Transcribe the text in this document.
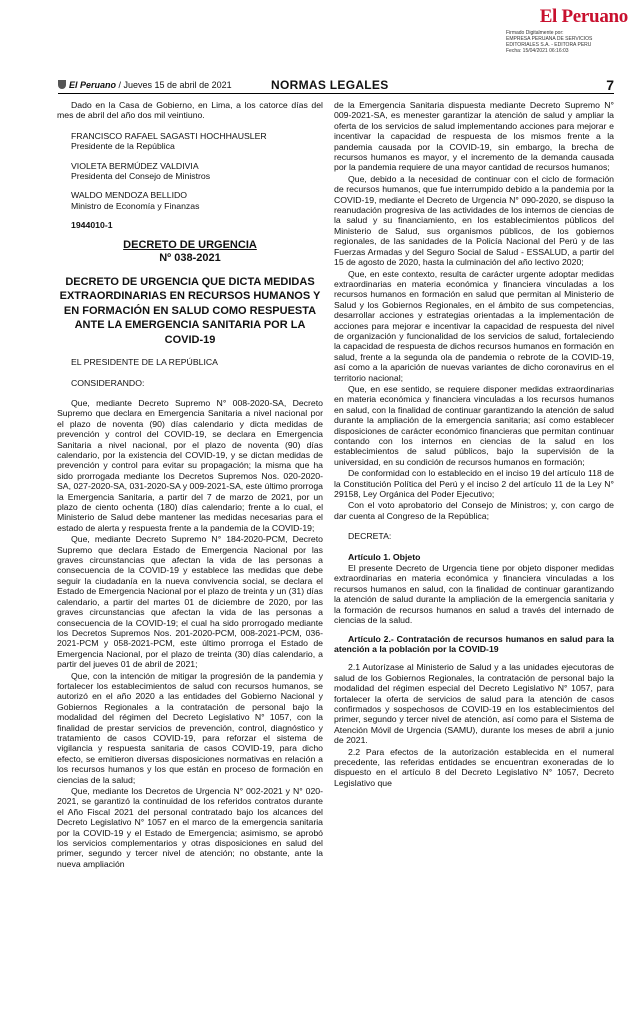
El Peruano
Firmado Digitalmente por:
EMPRESA PERUANA DE SERVICIOS
EDITORIALES S.A. - EDITORA PERU
Fecha: 15/04/2021 06:16:03
El Peruano / Jueves 15 de abril de 2021	NORMAS LEGALES	7

Dado en la Casa de Gobierno, en Lima, a los catorce días del mes de abril del año dos mil veintiuno.

FRANCISCO RAFAEL SAGASTI HOCHHAUSLER

Presidente de la República

VIOLETA BERMÚDEZ VALDIVIA

Presidenta del Consejo de Ministros

WALDO MENDOZA BELLIDO

Ministro de Economía y Finanzas

1944010-1

DECRETO DE URGENCIA

Nº 038-2021

DECRETO DE URGENCIA QUE DICTA MEDIDAS EXTRAORDINARIAS EN RECURSOS HUMANOS Y EN FORMACIÓN EN SALUD COMO RESPUESTA ANTE LA EMERGENCIA SANITARIA POR LA COVID-19

EL PRESIDENTE DE LA REPÚBLICA

CONSIDERANDO:

Que, mediante Decreto Supremo N° 008-2020-SA, Decreto Supremo que declara en Emergencia Sanitaria a nivel nacional por el plazo de noventa (90) días calendario y dicta medidas de prevención y control del COVID-19, se declara en Emergencia Sanitaria a nivel nacional, por el plazo de noventa (90) días calendario, por la existencia del COVID-19, y se dictan medidas de prevención y control para evitar su propagación; la misma que ha sido prorrogada mediante los Decretos Supremos Nos. 020-2020-SA, 027-2020-SA, 031-2020-SA y 009-2021-SA, este último prorroga la Emergencia Sanitaria, a partir del 7 de marzo de 2021, por un plazo de ciento ochenta (180) días calendario; frente a lo cual, el Ministerio de Salud debe mantener las medidas necesarias para el estado de alerta y respuesta frente a la pandemia de la COVID-19;

Que, mediante Decreto Supremo N° 184-2020-PCM, Decreto Supremo que declara Estado de Emergencia Nacional por las graves circunstancias que afectan la vida de las personas a consecuencia de la COVID-19 y establece las medidas que debe seguir la ciudadanía en la nueva convivencia social, se declara el Estado de Emergencia Nacional por el plazo de treinta y un (31) días calendario, a partir del martes 01 de diciembre de 2020, por las graves circunstancias que afectan la vida de las personas a consecuencia de la COVID-19; el cual ha sido prorrogado mediante los Decretos Supremos Nos. 201-2020-PCM, 008-2021-PCM, 036-2021-PCM y 058-2021-PCM, este último prorroga el Estado de Emergencia Nacional, por el plazo de treinta (30) días calendario, a partir del jueves 01 de abril de 2021;

Que, con la intención de mitigar la progresión de la pandemia y fortalecer los establecimientos de salud con recursos humanos, se autorizó en el año 2020 a las entidades del Gobierno Nacional y Gobiernos Regionales a la contratación de personal bajo la modalidad del régimen del Decreto Legislativo N° 1057, con la finalidad de prestar servicios de prevención, control, diagnóstico y tratamiento de casos COVID-19, para reforzar el sistema de vigilancia y respuesta sanitaria de casos COVID-19, para dicho efecto, se emitieron diversas disposiciones normativas en relación a los recursos humanos y los que están en proceso de formación en ciencias de la salud;

Que, mediante los Decretos de Urgencia N° 002-2021 y N° 020-2021, se garantizó la continuidad de los referidos contratos durante el Año Fiscal 2021 del personal contratado bajo los alcances del Decreto Legislativo N° 1057 en el marco de la emergencia sanitaria por la COVID-19 y el Estado de Emergencia; asimismo, se aprobó los servicios complementarios y otras disposiciones en salud del primer, segundo y tercer nivel de atención; no obstante, ante la nueva ampliación

de la Emergencia Sanitaria dispuesta mediante Decreto Supremo N° 009-2021-SA, es menester garantizar la atención de salud y ampliar la oferta de los servicios de salud implementando acciones para mejorar e incentivar la capacidad de respuesta de los mismos frente a la pandemia causada por la COVID-19, sin embargo, la brecha de recursos humanos es mayor, y el incremento de la demanda causada por la pandemia requiere de una mayor cantidad de recursos humanos;

Que, debido a la necesidad de continuar con el ciclo de formación de recursos humanos, que fue interrumpido debido a la pandemia por la COVID-19, mediante el Decreto de Urgencia N° 090-2020, se dispuso la reanudación progresiva de las actividades de los internos de ciencias de la salud y su financiamiento, en los establecimientos públicos del Ministerio de Salud, sus organismos públicos, de los gobiernos regionales, de las sanidades de la Policía Nacional del Perú y de las Fuerzas Armadas y del Seguro Social de Salud - ESSALUD, a partir del 15 de agosto de 2020, hasta la culminación del año lectivo 2020;

Que, en este contexto, resulta de carácter urgente adoptar medidas extraordinarias en materia económica y financiera vinculadas a los recursos humanos en formación en salud que permitan al Ministerio de Salud y los Gobiernos Regionales, en el ámbito de sus competencias, desarrollar acciones y estrategias orientadas a la implementación de acciones para mejorar e incentivar la capacidad de respuesta del nivel de organización y funcionalidad de los servicios de salud, fortaleciendo la capacidad de respuesta de dichos recursos humanos en formación en salud, frente a la segunda ola de pandemia o rebrote de la COVID-19, así como a la aparición de nuevas variantes de dicho coronavirus en el territorio nacional;

Que, en ese sentido, se requiere disponer medidas extraordinarias en materia económica y financiera vinculadas a los recursos humanos en salud, con la finalidad de continuar garantizando la atención de salud durante la ampliación de la emergencia sanitaria; así como establecer disposiciones de carácter económico financieras que permitan continuar contando con los internos en ciencias de la salud en los establecimientos de salud públicos, bajo la supervisión de la universidad, en su condición de recursos humanos en formación;

De conformidad con lo establecido en el inciso 19 del artículo 118 de la Constitución Política del Perú y el inciso 2 del artículo 11 de la Ley N° 29158, Ley Orgánica del Poder Ejecutivo;

Con el voto aprobatorio del Consejo de Ministros; y, con cargo de dar cuenta al Congreso de la República;

DECRETA:

Artículo 1. Objeto

El presente Decreto de Urgencia tiene por objeto disponer medidas extraordinarias en materia económica y financiera vinculadas a los recursos humanos en salud, con la finalidad de continuar garantizando la atención de salud durante la ampliación de la emergencia sanitaria y la formación de recursos humanos en salud a través del internado de ciencias de la salud.

Artículo 2.- Contratación de recursos humanos en salud para la atención a la población por la COVID-19

2.1 Autorízase al Ministerio de Salud y a las unidades ejecutoras de salud de los Gobiernos Regionales, la contratación de personal bajo la modalidad del régimen especial del Decreto Legislativo N° 1057, para fortalecer la oferta de servicios de salud para la atención de casos confirmados y sospechosos de COVID-19 en los establecimientos del primer, segundo y tercer nivel de atención, así como para el Sistema de Atención Móvil de Urgencia (SAMU), durante los meses de abril a junio de 2021.

2.2 Para efectos de la autorización establecida en el numeral precedente, las referidas entidades se encuentran exoneradas de lo dispuesto en el artículo 8 del Decreto Legislativo N° 1057, Decreto Legislativo que
